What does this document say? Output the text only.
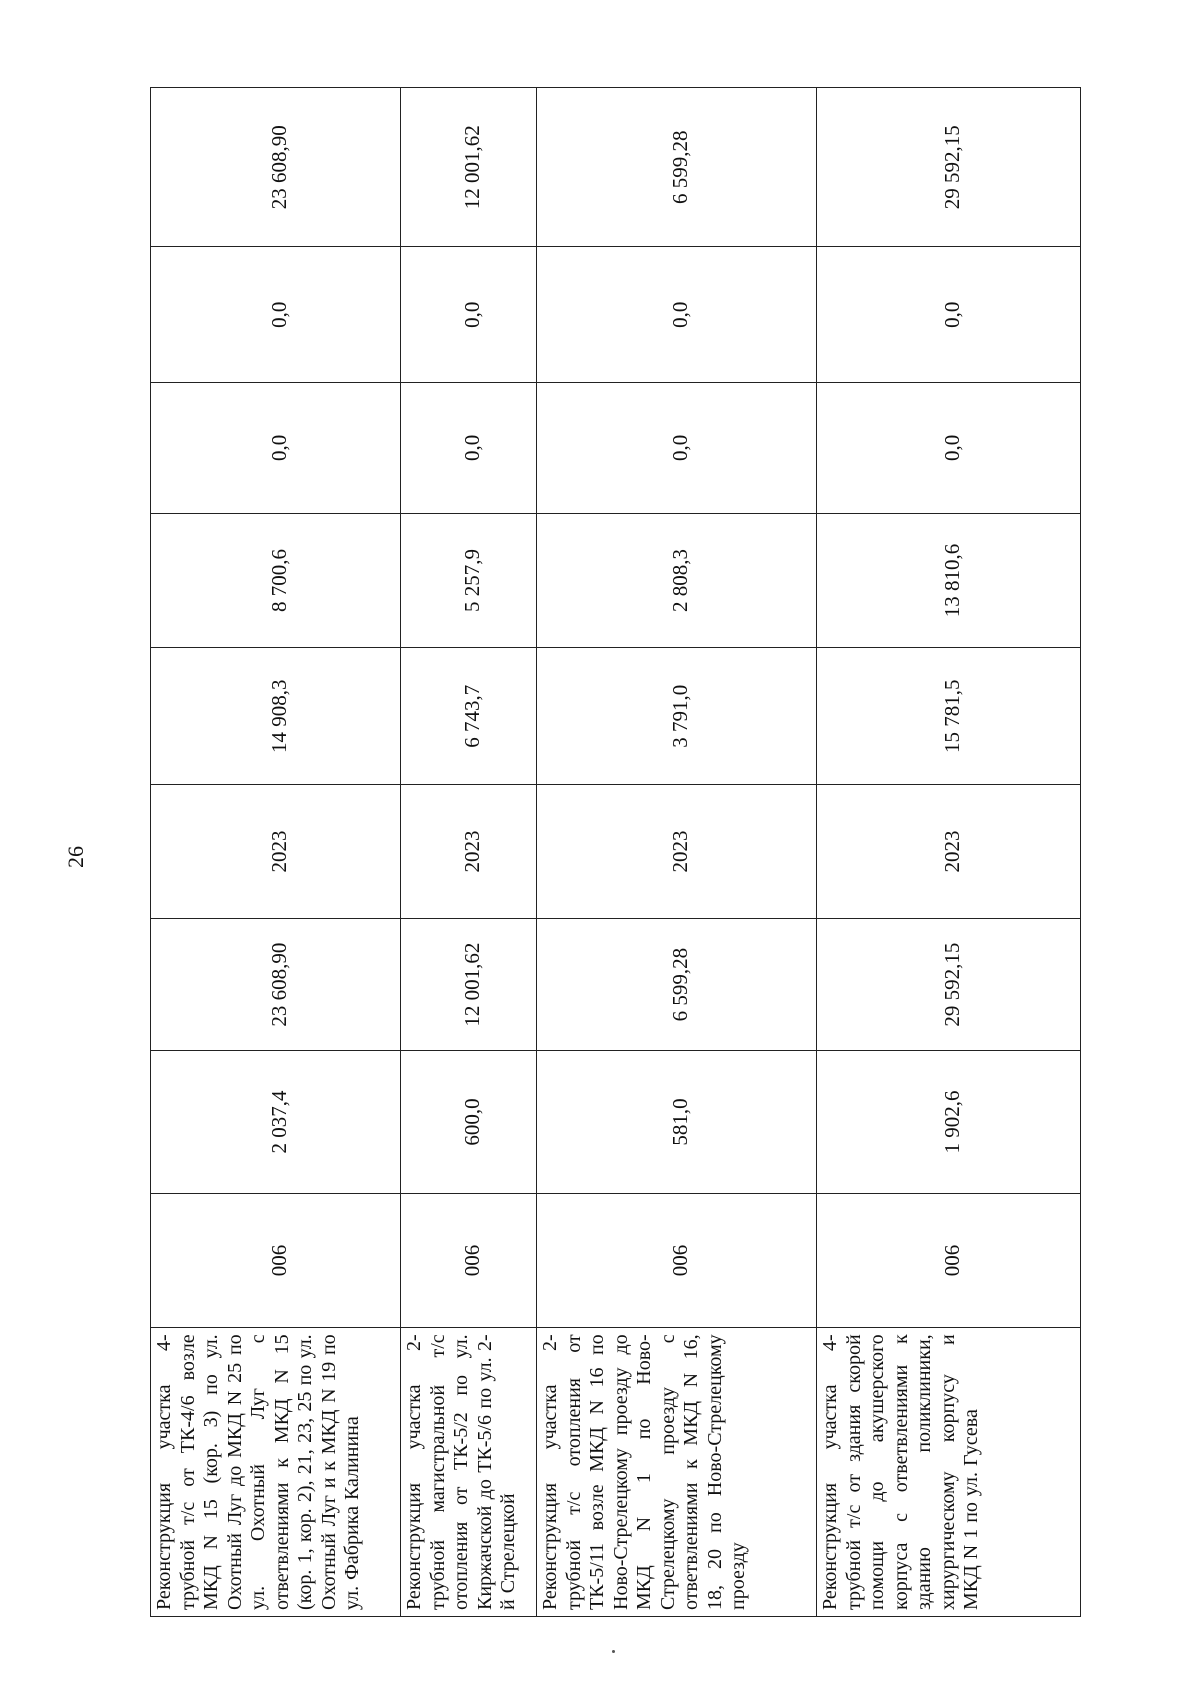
26
Реконструкция участка 4-трубной т/с от ТК-4/6 возле МКД N 15 (кор. 3) по ул. Охотный Луг до МКД N 25 по ул. Охотный Луг с ответвлениями к МКД N 15 (кор. 1, кор. 2), 21, 23, 25 по ул. Охотный Луг и к МКД N 19 по ул. Фабрика Калинина	006	2 037,4	23 608,90	2023	14 908,3	8 700,6	0,0	0,0	23 608,90
Реконструкция участка 2-трубной магистральной т/с отопления от ТК-5/2 по ул. Киржачской до ТК-5/6 по ул. 2-й Стрелецкой	006	600,0	12 001,62	2023	6 743,7	5 257,9	0,0	0,0	12 001,62
Реконструкция участка 2-трубной т/с отопления от ТК-5/11 возле МКД N 16 по Ново-Стрелецкому проезду до МКД N 1 по Ново-Стрелецкому проезду с ответвлениями к МКД N 16, 18, 20 по Ново-Стрелецкому проезду	006	581,0	6 599,28	2023	3 791,0	2 808,3	0,0	0,0	6 599,28
Реконструкция участка 4-трубной т/с от здания скорой помощи до акушерского корпуса с ответвлениями к зданию поликлиники, хирургическому корпусу и МКД N 1 по ул. Гусева	006	1 902,6	29 592,15	2023	15 781,5	13 810,6	0,0	0,0	29 592,15
